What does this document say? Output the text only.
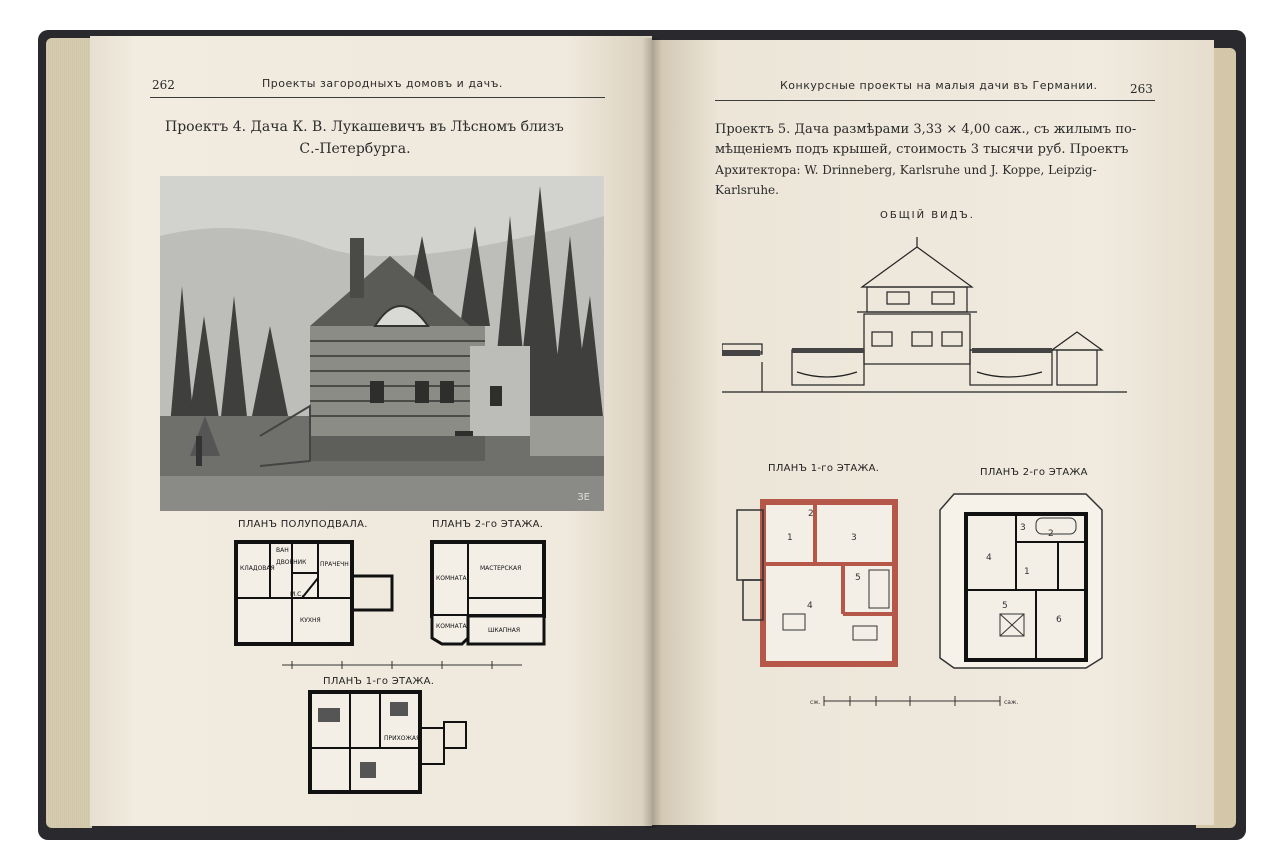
262	Проекты загородныхъ домовъ и дачъ.
Проектъ 4. Дача К. В. Лукашевичъ въ Лѣсномъ близъ
С.-Петербурга.
ЗЕ
ПЛАНЪ ПОЛУПОДВАЛА.	ПЛАНЪ 2-го ЭТАЖА.
КЛАДОВАЯ
ДВОРНИК
ВАН
ПРАЧЕЧН
М.С.
КУХНЯ
КОМНАТА
МАСТЕРСКАЯ
КОМНАТА
ШКАПНАЯ
ПЛАНЪ 1-го ЭТАЖА.
ПРИХОЖАЯ
Конкурсные проекты на малыя дачи въ Германии.	263
Проектъ 5. Дача размѣрами 3,33 × 4,00 саж., съ жилымъ по-
мѣщеніемъ подъ крышей, стоимость 3 тысячи руб. Проектъ
Архитектора: W. Drinneberg, Karlsruhe und J. Koppe, Leipzig-Karlsruhe.
ОБЩІЙ ВИДЪ.
ПЛАНЪ 1-го ЭТАЖА.	ПЛАНЪ 2-го ЭТАЖА
1
2
3
4
5
1
2
3
4
5
6
сж.	саж.
